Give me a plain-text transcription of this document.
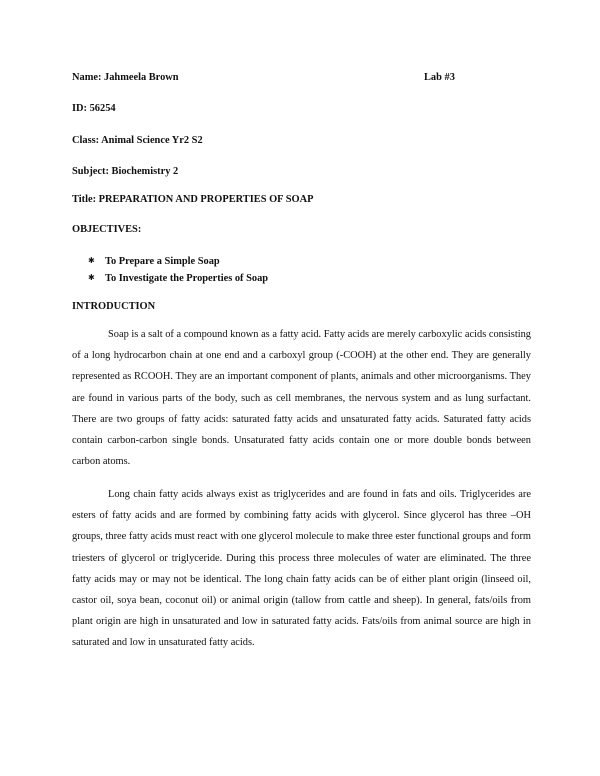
Name: Jahmeela Brown	Lab #3
ID: 56254
Class: Animal Science Yr2 S2
Subject: Biochemistry 2
Title: PREPARATION AND PROPERTIES OF SOAP
OBJECTIVES:
✱ To Prepare a Simple Soap
✱ To Investigate the Properties of Soap
INTRODUCTION

Soap is a salt of a compound known as a fatty acid. Fatty acids are merely carboxylic acids consisting of a long hydrocarbon chain at one end and a carboxyl group (-COOH) at the other end. They are generally represented as RCOOH. They are an important component of plants, animals and other microorganisms. They are found in various parts of the body, such as cell membranes, the nervous system and as lung surfactant. There are two groups of fatty acids: saturated fatty acids and unsaturated fatty acids. Saturated fatty acids contain carbon-carbon single bonds. Unsaturated fatty acids contain one or more double bonds between carbon atoms.

Long chain fatty acids always exist as triglycerides and are found in fats and oils. Triglycerides are esters of fatty acids and are formed by combining fatty acids with glycerol. Since glycerol has three –OH groups, three fatty acids must react with one glycerol molecule to make three ester functional groups and form triesters of glycerol or triglyceride. During this process three molecules of water are eliminated. The three fatty acids may or may not be identical. The long chain fatty acids can be of either plant origin (linseed oil, castor oil, soya bean, coconut oil) or animal origin (tallow from cattle and sheep). In general, fats/oils from plant origin are high in unsaturated and low in saturated fatty acids. Fats/oils from animal source are high in saturated and low in unsaturated fatty acids.
